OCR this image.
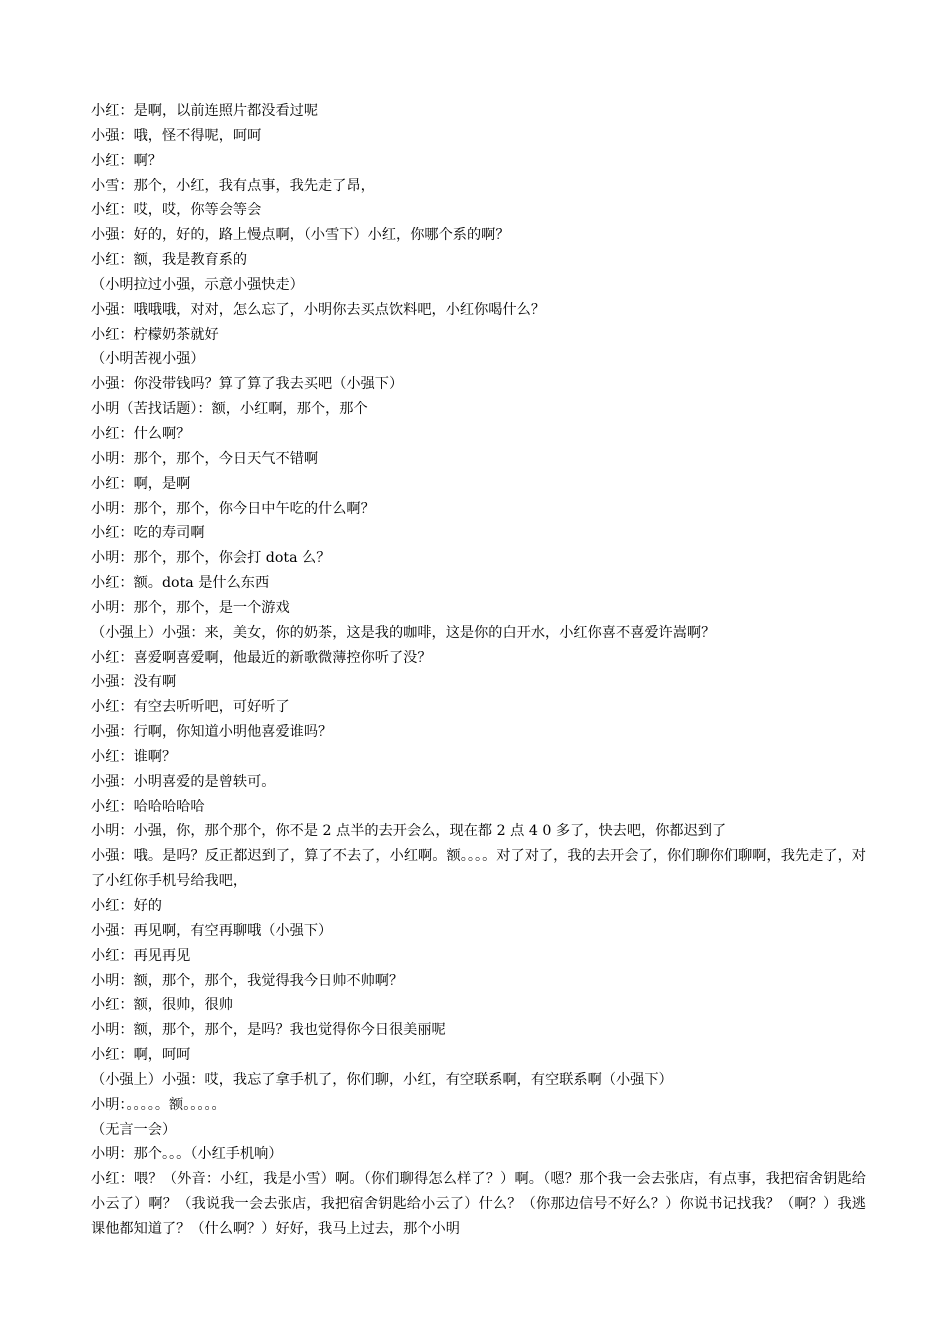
小红：是啊，以前连照片都没看过呢

小强：哦，怪不得呢，呵呵

小红：啊？

小雪：那个，小红，我有点事，我先走了昂，

小红：哎，哎，你等会等会

小强：好的，好的，路上慢点啊，（小雪下）小红，你哪个系的啊？

小红：额，我是教育系的

（小明拉过小强，示意小强快走）

小强：哦哦哦，对对，怎么忘了，小明你去买点饮料吧，小红你喝什么？

小红：柠檬奶茶就好

（小明苦视小强）

小强：你没带钱吗？算了算了我去买吧（小强下）

小明（苦找话题）：额，小红啊，那个，那个

小红：什么啊？

小明：那个，那个，今日天气不错啊

小红：啊，是啊

小明：那个，那个，你今日中午吃的什么啊？

小红：吃的寿司啊

小明：那个，那个，你会打 dota 么？

小红：额。dota 是什么东西

小明：那个，那个，是一个游戏

（小强上）小强：来，美女，你的奶茶，这是我的咖啡，这是你的白开水，小红你喜不喜爱许嵩啊？

小红：喜爱啊喜爱啊，他最近的新歌微薄控你听了没？

小强：没有啊

小红：有空去听听吧，可好听了

小强：行啊，你知道小明他喜爱谁吗？

小红：谁啊？

小强：小明喜爱的是曾轶可。

小红：哈哈哈哈哈

小明：小强，你，那个那个，你不是 2 点半的去开会么，现在都 2 点 4 0 多了，快去吧，你都迟到了

小强：哦。是吗？反正都迟到了，算了不去了，小红啊。额。。。。对了对了，我的去开会了，你们聊你们聊啊，我先走了，对了小红你手机号给我吧，

小红：好的

小强：再见啊，有空再聊哦（小强下）

小红：再见再见

小明：额，那个，那个，我觉得我今日帅不帅啊？

小红：额，很帅，很帅

小明：额，那个，那个，是吗？我也觉得你今日很美丽呢

小红：啊，呵呵

（小强上）小强：哎，我忘了拿手机了，你们聊，小红，有空联系啊，有空联系啊（小强下）

小明：。。。。。额。。。。。

（无言一会）

小明：那个。。。（小红手机响）

小红：喂？（外音：小红，我是小雪）啊。（你们聊得怎么样了？）啊。（嗯？那个我一会去张店，有点事，我把宿舍钥匙给小云了）啊？（我说我一会去张店，我把宿舍钥匙给小云了）什么？（你那边信号不好么？）你说书记找我？（啊？）我逃课他都知道了？（什么啊？）好好，我马上过去，那个小明
